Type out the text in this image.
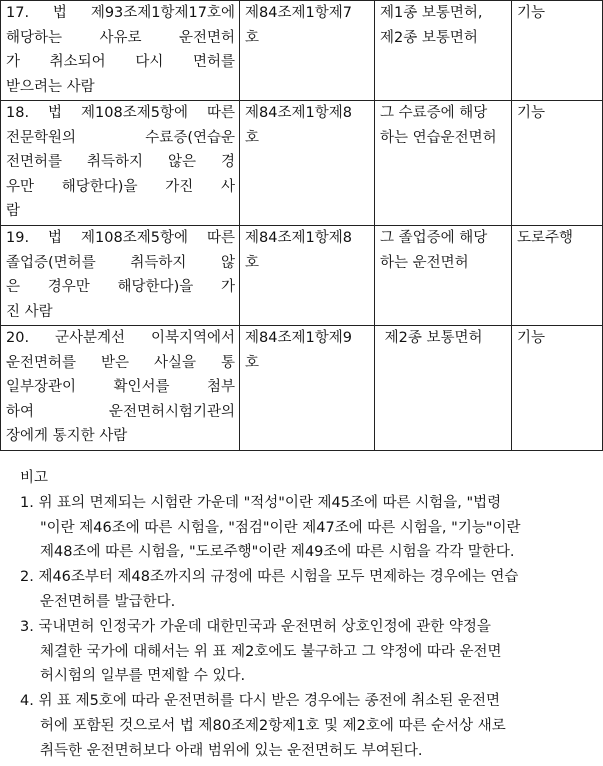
17. 법 제93조제1항제17호에
해당하는 사유로 운전면허
가 취소되어 다시 면허를
받으려는 사람	제84조제1항제7
호	제1종 보통면허,
제2종 보통면허	기능

18. 법 제108조제5항에 따른
전문학원의 수료증(연습운
전면허를 취득하지 않은 경
우만 해당한다)을 가진 사
람	제84조제1항제8
호	그 수료증에 해당
하는 연습운전면허	기능

19. 법 제108조제5항에 따른
졸업증(면허를 취득하지 않
은 경우만 해당한다)을 가
진 사람	제84조제1항제8
호	그 졸업증에 해당
하는 운전면허	도로주행

20. 군사분계선 이북지역에서
운전면허를 받은 사실을 통
일부장관이 확인서를 첨부
하여 운전면허시험기관의
장에게 통지한 사람	제84조제1항제9
호	제2종 보통면허	기능
비고
1. 위 표의 면제되는 시험란 가운데 "적성"이란 제45조에 따른 시험을, "법령
"이란 제46조에 따른 시험을, "점검"이란 제47조에 따른 시험을, "기능"이란
제48조에 따른 시험을, "도로주행"이란 제49조에 따른 시험을 각각 말한다.
2. 제46조부터 제48조까지의 규정에 따른 시험을 모두 면제하는 경우에는 연습
운전면허를 발급한다.
3. 국내면허 인정국가 가운데 대한민국과 운전면허 상호인정에 관한 약정을
체결한 국가에 대해서는 위 표 제2호에도 불구하고 그 약정에 따라 운전면
허시험의 일부를 면제할 수 있다.
4. 위 표 제5호에 따라 운전면허를 다시 받은 경우에는 종전에 취소된 운전면
허에 포함된 것으로서 법 제80조제2항제1호 및 제2호에 따른 순서상 새로
취득한 운전면허보다 아래 범위에 있는 운전면허도 부여된다.
